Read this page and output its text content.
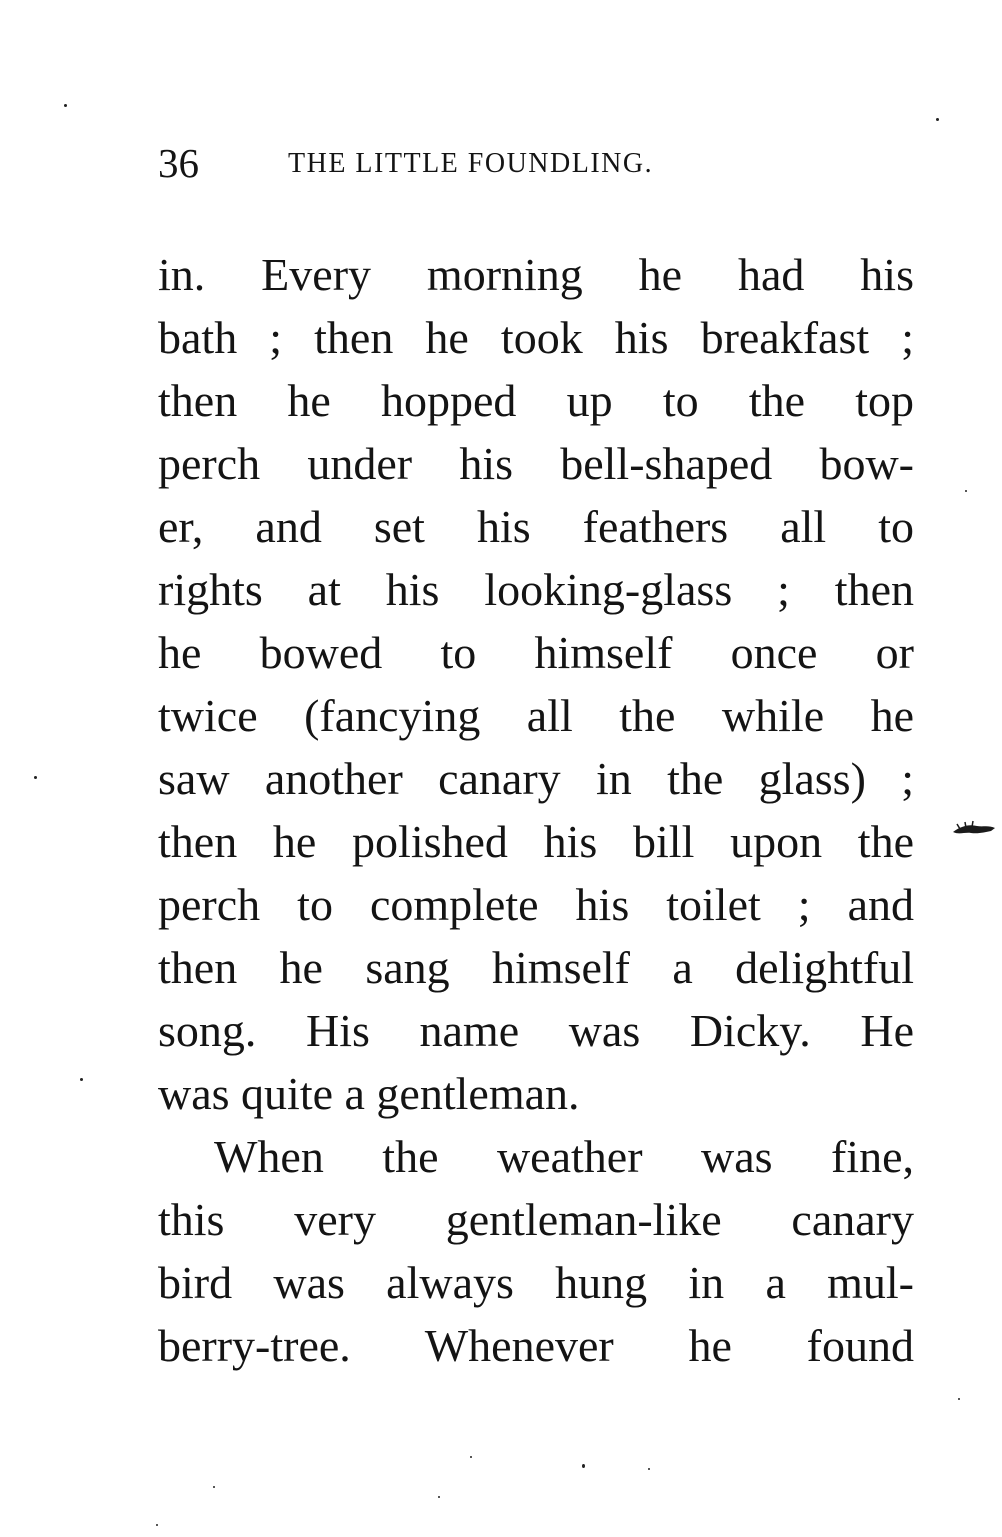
36	THE LITTLE FOUNDLING.
in. Every morning he had his
bath ; then he took his breakfast ;
then he hopped up to the top
perch under his bell-shaped bow-
er, and set his feathers all to
rights at his looking-glass ; then
he bowed to himself once or
twice (fancying all the while he
saw another canary in the glass) ;
then he polished his bill upon the
perch to complete his toilet ; and
then he sang himself a delightful
song. His name was Dicky. He
was quite a gentleman.
When the weather was fine,
this very gentleman-like canary
bird was always hung in a mul-
berry-tree. Whenever he found
